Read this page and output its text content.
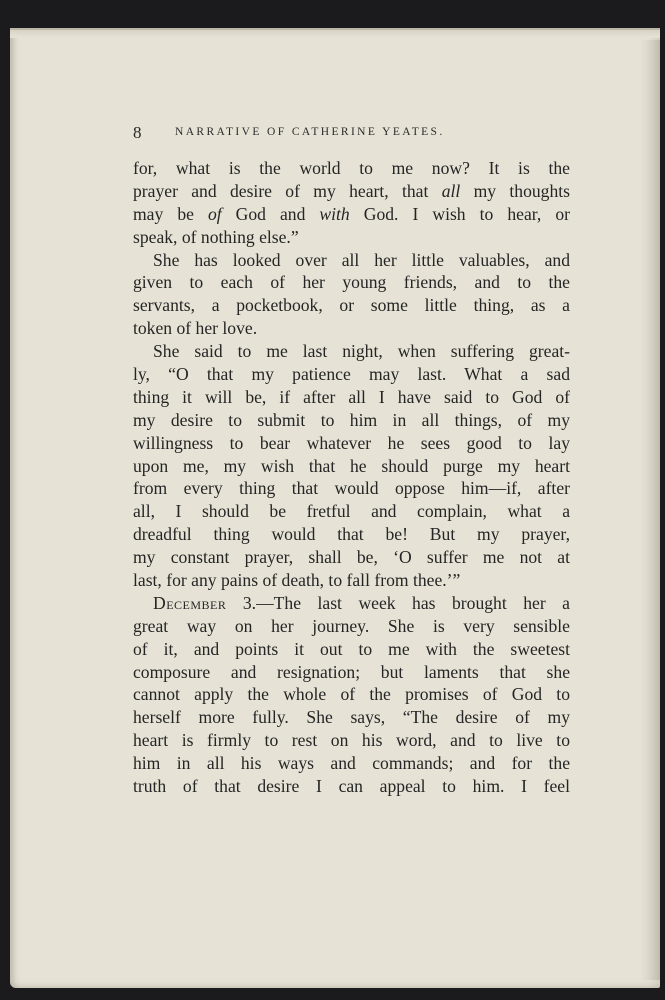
8	NARRATIVE OF CATHERINE YEATES.
for, what is the world to me now? It is the
prayer and desire of my heart, that all my thoughts
may be of God and with God. I wish to hear, or
speak, of nothing else.”
She has looked over all her little valuables, and
given to each of her young friends, and to the
servants, a pocketbook, or some little thing, as a
token of her love.
She said to me last night, when suffering great-
ly, “O that my patience may last. What a sad
thing it will be, if after all I have said to God of
my desire to submit to him in all things, of my
willingness to bear whatever he sees good to lay
upon me, my wish that he should purge my heart
from every thing that would oppose him—if, after
all, I should be fretful and complain, what a
dreadful thing would that be! But my prayer,
my constant prayer, shall be, ‘O suffer me not at
last, for any pains of death, to fall from thee.’”
December 3.—The last week has brought her a
great way on her journey. She is very sensible
of it, and points it out to me with the sweetest
composure and resignation; but laments that she
cannot apply the whole of the promises of God to
herself more fully. She says, “The desire of my
heart is firmly to rest on his word, and to live to
him in all his ways and commands; and for the
truth of that desire I can appeal to him. I feel
